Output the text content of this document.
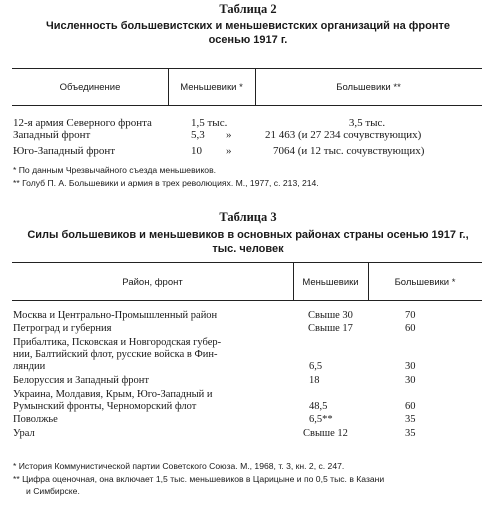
Таблица 2
Численность большевистских и меньшевистских организаций на фронте
осенью 1917 г.
Объединение	Меньшевики *	Большевики **
12-я армия Северного фронта	1,5 тыс.	3,5 тыс.
Западный фронт	5,3 »	21 463 (и 27 234 сочувствующих)
Юго-Западный фронт	10 »	7064 (и 12 тыс. сочувствующих)
* По данным Чрезвычайного съезда меньшевиков.
** Голуб П. А. Большевики и армия в трех революциях. М., 1977, с. 213, 214.
Таблица 3
Силы большевиков и меньшевиков в основных районах страны осенью 1917 г.,
тыс. человек
Район, фронт	Меньшевики	Большевики *
Москва и Центрально-Промышленный район	Свыше 30	70
Петроград и губерния	Свыше 17	60
Прибалтика, Псковская и Новгородская губер-
нии, Балтийский флот, русские войска в Фин-
ляндии	6,5	30
Белоруссия и Западный фронт	18	30
Украина, Молдавия, Крым, Юго-Западный и
Румынский фронты, Черноморский флот	48,5	60
Поволжье	6,5**	35
Урал	Свыше 12	35
* История Коммунистической партии Советского Союза. М., 1968, т. 3, кн. 2, с. 247.
** Цифра оценочная, она включает 1,5 тыс. меньшевиков в Царицыне и по 0,5 тыс. в Казани
и Симбирске.
